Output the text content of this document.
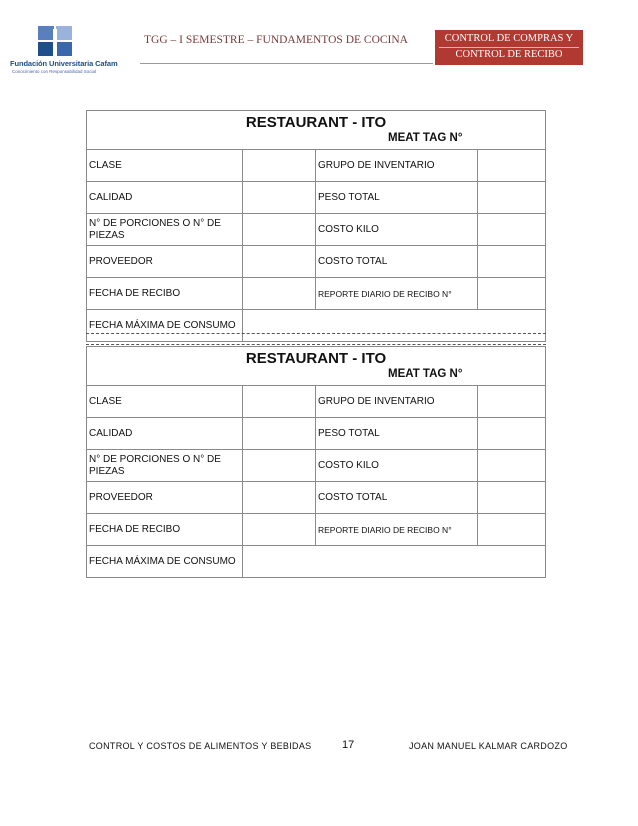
Fundación Universitaria Cafam
Conocimiento con Responsabilidad Social
TGG – I SEMESTRE – FUNDAMENTOS DE COCINA	CONTROL DE COMPRAS Y
CONTROL DE RECIBO
RESTAURANT - ITO
MEAT TAG N°
CLASE	GRUPO DE INVENTARIO
CALIDAD	PESO TOTAL
N° DE PORCIONES O N° DE PIEZAS	COSTO KILO
PROVEEDOR	COSTO TOTAL
FECHA DE RECIBO	REPORTE DIARIO DE RECIBO N°
FECHA MÁXIMA DE CONSUMO
RESTAURANT - ITO
MEAT TAG N°
CLASE	GRUPO DE INVENTARIO
CALIDAD	PESO TOTAL
N° DE PORCIONES O N° DE PIEZAS	COSTO KILO
PROVEEDOR	COSTO TOTAL
FECHA DE RECIBO	REPORTE DIARIO DE RECIBO N°
FECHA MÁXIMA DE CONSUMO
CONTROL Y COSTOS DE ALIMENTOS Y BEBIDAS	17	JOAN MANUEL KALMAR CARDOZO
